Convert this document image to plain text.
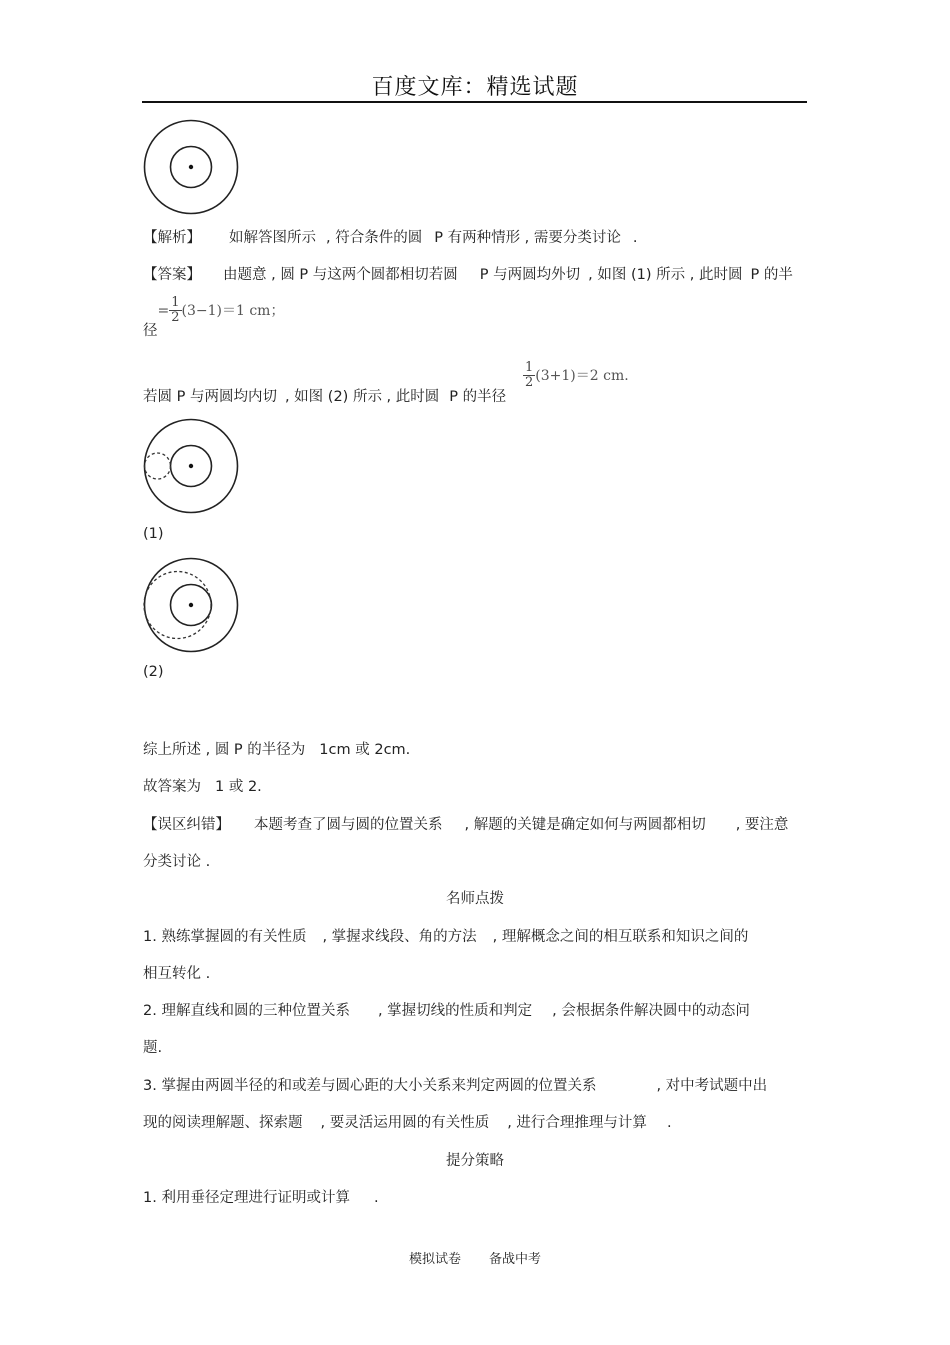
百度文库：精选试题
【解析】 如解答图所示 , 符合条件的圆 P 有两种情形 , 需要分类讨论 .
【答案】 由题意 , 圆 P 与这两个圆都相切若圆 P 与两圆均外切 , 如图 (1) 所示 , 此时圆 P 的半
径= $\frac{1}{2} (3-1)=1$ cm；
$\frac{1}{2} (3+1)=2$ cm.
若圆 P 与两圆均内切 , 如图 (2) 所示 , 此时圆 P 的半径
(1)
(2)
综上所述 , 圆 P 的半径为 1cm 或 2cm.
故答案为 1 或 2.
【误区纠错】 本题考查了圆与圆的位置关系 , 解题的关键是确定如何与两圆都相切 , 要注意
分类讨论 .
名师点拨
1. 熟练掌握圆的有关性质 , 掌握求线段、角的方法 , 理解概念之间的相互联系和知识之间的
相互转化 .
2. 理解直线和圆的三种位置关系 , 掌握切线的性质和判定 , 会根据条件解决圆中的动态问
题.
3. 掌握由两圆半径的和或差与圆心距的大小关系来判定两圆的位置关系	, 对中考试题中出
现的阅读理解题、探索题 , 要灵活运用圆的有关性质 , 进行合理推理与计算 .
提分策略
1. 利用垂径定理进行证明或计算 .
模拟试卷 备战中考
